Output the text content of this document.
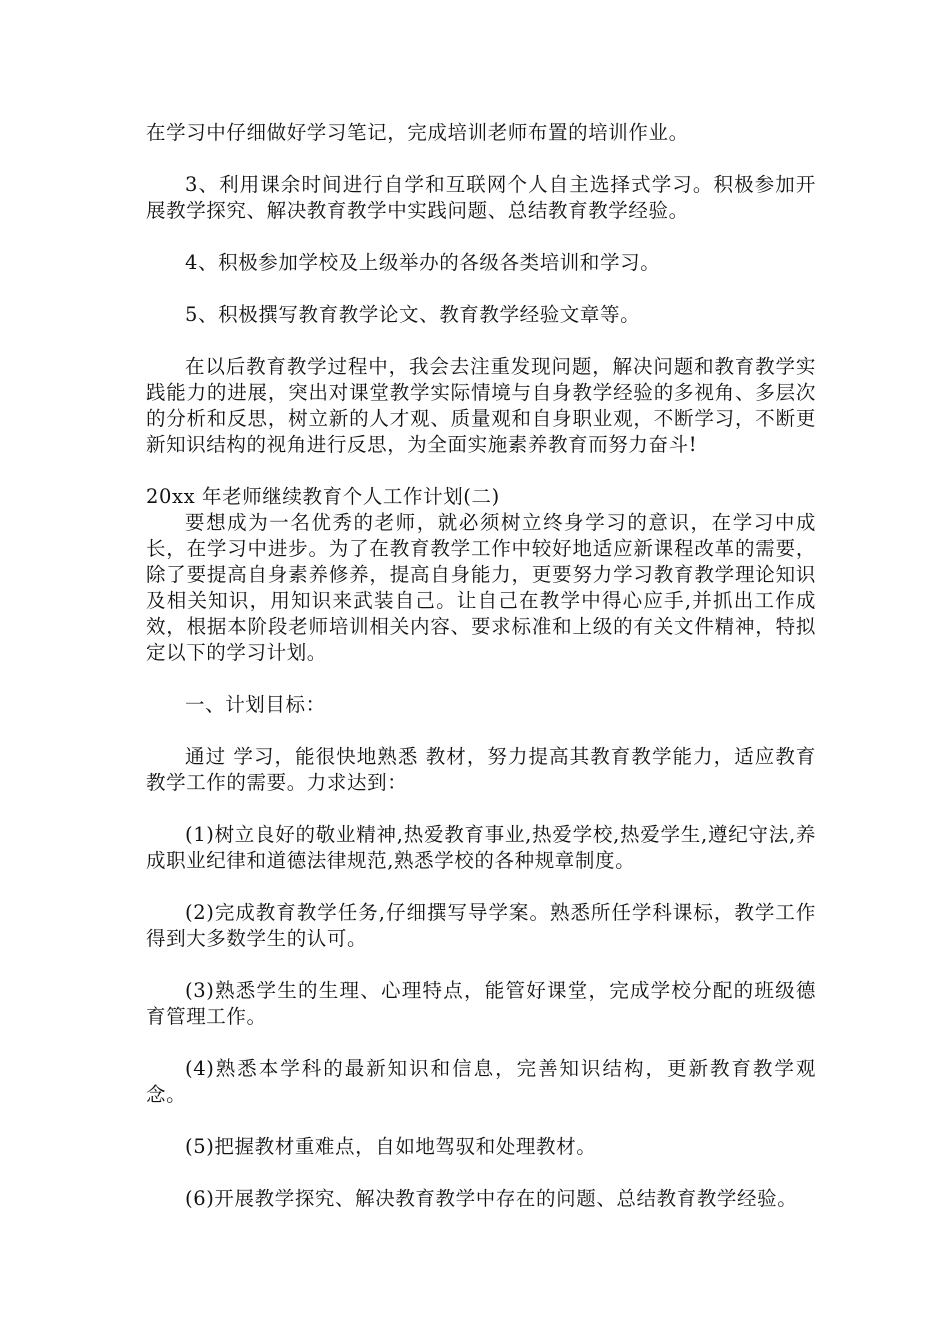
在学习中仔细做好学习笔记，完成培训老师布置的培训作业。

3、利用课余时间进行自学和互联网个人自主选择式学习。积极参加开展教学探究、解决教育教学中实践问题、总结教育教学经验。

4、积极参加学校及上级举办的各级各类培训和学习。

5、积极撰写教育教学论文、教育教学经验文章等。

在以后教育教学过程中，我会去注重发现问题，解决问题和教育教学实践能力的进展，突出对课堂教学实际情境与自身教学经验的多视角、多层次的分析和反思，树立新的人才观、质量观和自身职业观，不断学习，不断更新知识结构的视角进行反思，为全面实施素养教育而努力奋斗!

20xx 年老师继续教育个人工作计划(二)

要想成为一名优秀的老师，就必须树立终身学习的意识，在学习中成长，在学习中进步。为了在教育教学工作中较好地适应新课程改革的需要， 除了要提高自身素养修养，提高自身能力，更要努力学习教育教学理论知识及相关知识，用知识来武装自己。让自己在教学中得心应手,并抓出工作成效，根据本阶段老师培训相关内容、要求标准和上级的有关文件精神，特拟定以下的学习计划。

一、计划目标：

通过 学习，能很快地熟悉 教材，努力提高其教育教学能力，适应教育教学工作的需要。力求达到：

(1)树立良好的敬业精神,热爱教育事业,热爱学校,热爱学生,遵纪守法,养成职业纪律和道德法律规范,熟悉学校的各种规章制度。

(2)完成教育教学任务,仔细撰写导学案。熟悉所任学科课标，教学工作得到大多数学生的认可。

(3)熟悉学生的生理、心理特点，能管好课堂，完成学校分配的班级德育管理工作。

(4)熟悉本学科的最新知识和信息，完善知识结构，更新教育教学观念。

(5)把握教材重难点，自如地驾驭和处理教材。

(6)开展教学探究、解决教育教学中存在的问题、总结教育教学经验。
